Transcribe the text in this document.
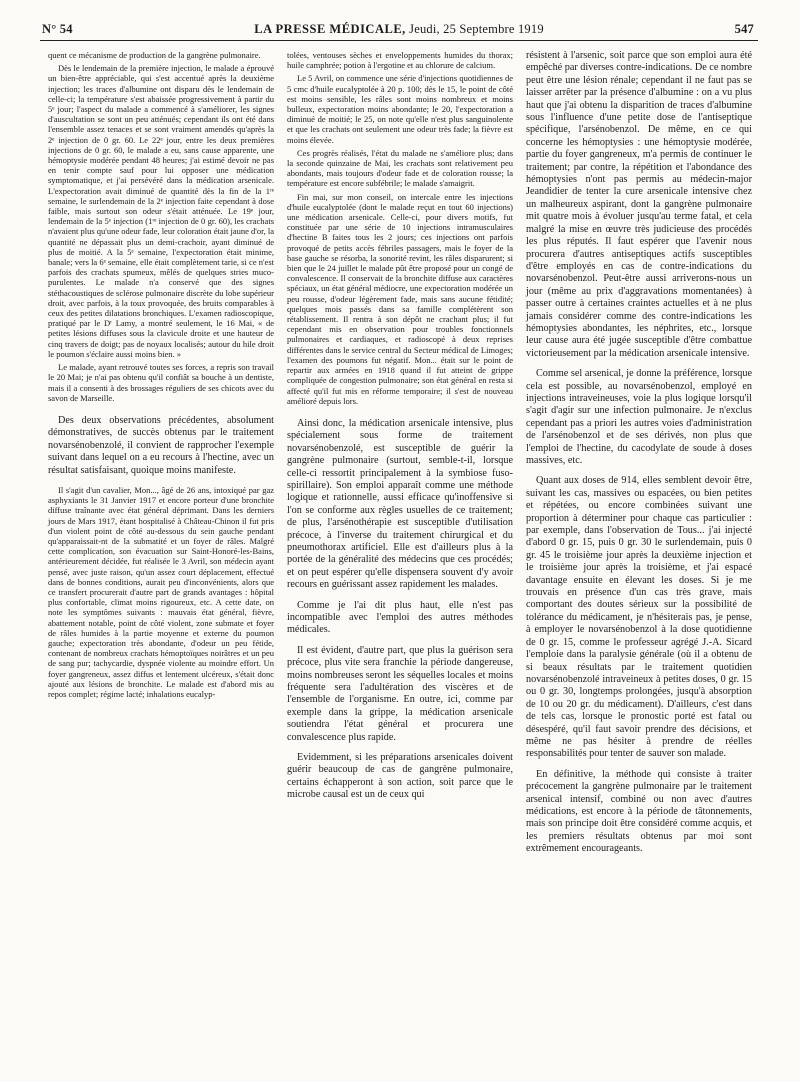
N° 54	LA PRESSE MÉDICALE, Jeudi, 25 Septembre 1919	547

quent ce mécanisme de production de la gangrène pulmonaire.

Dès le lendemain de la première injection, le malade a éprouvé un bien-être appréciable, qui s'est accentué après la deuxième injection; les traces d'albumine ont disparu dès le lendemain de celle-ci; la température s'est abaissée progressivement à partir du 5ᵉ jour; l'aspect du malade a commencé à s'améliorer, les signes d'auscultation se sont un peu atténués; cependant ils ont été dans l'ensemble assez tenaces et se sont vraiment amendés qu'après la 2ᵉ injection de 0 gr. 60. Le 22ᵉ jour, entre les deux premières injections de 0 gr. 60, le malade a eu, sans cause apparente, une hémoptysie modérée pendant 48 heures; j'ai estimé devoir ne pas en tenir compte sauf pour lui opposer une médication symptomatique, et j'ai persévéré dans la médication arsenicale. L'expectoration avait diminué de quantité dès la fin de la 1ʳᵉ semaine, le surlendemain de la 2ᵉ injection faite cependant à dose faible, mais surtout son odeur s'était atténuée. Le 19ᵉ jour, lendemain de la 5ᵉ injection (1ʳᵉ injection de 0 gr. 60), les crachats n'avaient plus qu'une odeur fade, leur coloration était jaune d'or, la quantité ne dépassait plus un demi-crachoir, ayant diminué de plus de moitié. A la 5ᵉ semaine, l'expectoration était minime, banale; vers la 6ᵉ semaine, elle était complètement tarie, si ce n'est parfois des crachats spumeux, mêlés de quelques stries muco-purulentes. Le malade n'a conservé que des signes stéthacoustiques de sclérose pulmonaire discrète du lobe supérieur droit, avec parfois, à la toux provoquée, des bruits comparables à ceux des petites dilatations bronchiques. L'examen radioscopique, pratiqué par le Dʳ Lamy, a montré seulement, le 16 Mai, « de petites lésions diffuses sous la clavicule droite et une hauteur de cinq travers de doigt; pas de noyaux localisés; autour du hile droit le poumon s'éclaire aussi moins bien. »

Le malade, ayant retrouvé toutes ses forces, a repris son travail le 20 Mai; je n'ai pas obtenu qu'il confiât sa bouche à un dentiste, mais il a consenti à des brossages réguliers de ses chicots avec du savon de Marseille.

Des deux observations précédentes, absolument démonstratives, de succès obtenus par le traitement novarsénobenzolé, il convient de rapprocher l'exemple suivant dans lequel on a eu recours à l'hectine, avec un résultat satisfaisant, quoique moins manifeste.

Il s'agit d'un cavalier, Mon..., âgé de 26 ans, intoxiqué par gaz asphyxiants le 31 Janvier 1917 et encore porteur d'une bronchite diffuse traînante avec état général déprimant. Dans les derniers jours de Mars 1917, étant hospitalisé à Château-Chinon il fut pris d'un violent point de côté au-dessous du sein gauche pendant qu'apparaissait-nt de la submatité et un foyer de râles. Malgré cette complication, son évacuation sur Saint-Honoré-les-Bains, antérieurement décidée, fut réalisée le 3 Avril, son médecin ayant pensé, avec juste raison, qu'un assez court déplacement, effectué dans de bonnes conditions, aurait peu d'inconvénients, alors que ce transfert procurerait d'autre part de grands avantages : hôpital plus confortable, climat moins rigoureux, etc. A cette date, on note les symptômes suivants : mauvais état général, fièvre, abattement notable, point de côté violent, zone submate et foyer de râles humides à la partie moyenne et externe du poumon gauche; expectoration très abondante, d'odeur un peu fétide, contenant de nombreux crachats hémoptoïques noirâtres et un peu de sang pur; tachycardie, dyspnée violente au moindre effort. Un foyer gangreneux, assez diffus et lentement ulcéreux, s'était donc ajouté aux lésions de bronchite. Le malade est d'abord mis au repos complet; régime lacté; inhalations eucalyp-

tolées, ventouses sèches et enveloppements humides du thorax; huile camphrée; potion à l'ergotine et au chlorure de calcium.

Le 5 Avril, on commence une série d'injections quotidiennes de 5 cmc d'huile eucalyptolée à 20 p. 100; dès le 15, le point de côté est moins sensible, les râles sont moins nombreux et moins bulleux, expectoration moins abondante; le 20, l'expectoration a diminué de moitié; le 25, on note qu'elle n'est plus sanguinolente et que les crachats ont seulement une odeur très fade; la fièvre est moins élevée.

Ces progrès réalisés, l'état du malade ne s'améliore plus; dans la seconde quinzaine de Mai, les crachats sont relativement peu abondants, mais toujours d'odeur fade et de coloration rousse; la température est encore subfébrile; le malade s'amaigrit.

Fin mai, sur mon conseil, on intercale entre les injections d'huile eucalyptolée (dont le malade reçut en tout 60 injections) une médication arsenicale. Celle-ci, pour divers motifs, fut constituée par une série de 10 injections intramusculaires d'hectine B faites tous les 2 jours; ces injections ont parfois provoqué de petits accès fébriles passagers, mais le foyer de la base gauche se résorba, la sonorité revint, les râles disparurent; si bien que le 24 juillet le malade pût être proposé pour un congé de convalescence. Il conservait de la bronchite diffuse aux caractères spéciaux, un état général médiocre, une expectoration modérée un peu rousse, d'odeur légèrement fade, mais sans aucune fétidité; quelques mois passés dans sa famille complétèrent son rétablissement. Il rentra à son dépôt ne crachant plus; il fut cependant mis en observation pour troubles fonctionnels pulmonaires et cardiaques, et radioscopé à deux reprises différentes dans le service central du Secteur médical de Limoges; l'examen des poumons fut négatif. Mon... était sur le point de repartir aux armées en 1918 quand il fut atteint de grippe compliquée de congestion pulmonaire; son état général en resta si affecté qu'il fut mis en réforme temporaire; il s'est de nouveau amélioré depuis lors.

Ainsi donc, la médication arsenicale intensive, plus spécialement sous forme de traitement novarsénobenzolé, est susceptible de guérir la gangrène pulmonaire (surtout, semble-t-il, lorsque celle-ci ressortit principalement à la symbiose fuso-spirillaire). Son emploi apparaît comme une méthode logique et rationnelle, aussi efficace qu'inoffensive si l'on se conforme aux règles usuelles de ce traitement; de plus, l'arsénothérapie est susceptible d'utilisation précoce, à l'inverse du traitement chirurgical et du pneumothorax artificiel. Elle est d'ailleurs plus à la portée de la généralité des médecins que ces procédés; et on peut espérer qu'elle dispensera souvent d'y avoir recours en guérissant assez rapidement les malades.

Comme je l'ai dit plus haut, elle n'est pas incompatible avec l'emploi des autres méthodes médicales.

Il est évident, d'autre part, que plus la guérison sera précoce, plus vite sera franchie la période dangereuse, moins nombreuses seront les séquelles locales et moins fréquente sera l'adultération des viscères et de l'ensemble de l'organisme. En outre, ici, comme par exemple dans la grippe, la médication arsenicale soutiendra l'état général et procurera une convalescence plus rapide.

Evidemment, si les préparations arsenicales doivent guérir beaucoup de cas de gangrène pulmonaire, certains échapperont à son action, soit parce que le microbe causal est un de ceux qui

résistent à l'arsenic, soit parce que son emploi aura été empêché par diverses contre-indications. De ce nombre peut être une lésion rénale; cependant il ne faut pas se laisser arrêter par la présence d'albumine : on a vu plus haut que j'ai obtenu la disparition de traces d'albumine sous l'influence d'une petite dose de l'antiseptique spécifique, l'arsénobenzol. De même, en ce qui concerne les hémoptysies : une hémoptysie modérée, partie du foyer gangreneux, m'a permis de continuer le traitement; par contre, la répétition et l'abondance des hémoptysies n'ont pas permis au médecin-major Jeandidier de tenter la cure arsenicale intensive chez un malheureux aspirant, dont la gangrène pulmonaire mit quatre mois à évoluer jusqu'au terme fatal, et cela malgré la mise en œuvre très judicieuse des procédés les plus réputés. Il faut espérer que l'avenir nous procurera d'autres antiseptiques actifs susceptibles d'être employés en cas de contre-indications du novarsénobenzol. Peut-être aussi arriverons-nous un jour (même au prix d'aggravations momentanées) à passer outre à certaines craintes actuelles et à ne plus jamais considérer comme des contre-indications les hémoptysies abondantes, les néphrites, etc., lorsque leur cause aura été jugée susceptible d'être combattue victorieusement par la médication arsenicale intensive.

Comme sel arsenical, je donne la préférence, lorsque cela est possible, au novarsénobenzol, employé en injections intraveineuses, voie la plus logique lorsqu'il s'agit d'agir sur une infection pulmonaire. Je n'exclus cependant pas a priori les autres voies d'administration de l'arsénobenzol et de ses dérivés, non plus que l'emploi de l'hectine, du cacodylate de soude à doses massives, etc.

Quant aux doses de 914, elles semblent devoir être, suivant les cas, massives ou espacées, ou bien petites et répétées, ou encore combinées suivant une proportion à déterminer pour chaque cas particulier : par exemple, dans l'observation de Tous... j'ai injecté d'abord 0 gr. 15, puis 0 gr. 30 le surlendemain, puis 0 gr. 45 le troisième jour après la deuxième injection et le troisième jour après la troisième, et j'ai espacé davantage ensuite en élevant les doses. Si je me trouvais en présence d'un cas très grave, mais comportant des doutes sérieux sur la possibilité de tolérance du médicament, je n'hésiterais pas, je pense, à employer le novarsénobenzol à la dose quotidienne de 0 gr. 15, comme le professeur agrégé J.-A. Sicard l'emploie dans la paralysie générale (où il a obtenu de si beaux résultats par le traitement quotidien novarsénobenzolé intraveineux à petites doses, 0 gr. 15 ou 0 gr. 30, longtemps prolongées, jusqu'à absorption de 10 ou 20 gr. du médicament). D'ailleurs, c'est dans de tels cas, lorsque le pronostic porté est fatal ou désespéré, qu'il faut savoir prendre des décisions, et même ne pas hésiter à prendre de réelles responsabilités pour tenter de sauver son malade.

En définitive, la méthode qui consiste à traiter précocement la gangrène pulmonaire par le traitement arsenical intensif, combiné ou non avec d'autres médications, est encore à la période de tâtonnements, mais son principe doit être considéré comme acquis, et les premiers résultats obtenus par moi sont extrêmement encourageants.
